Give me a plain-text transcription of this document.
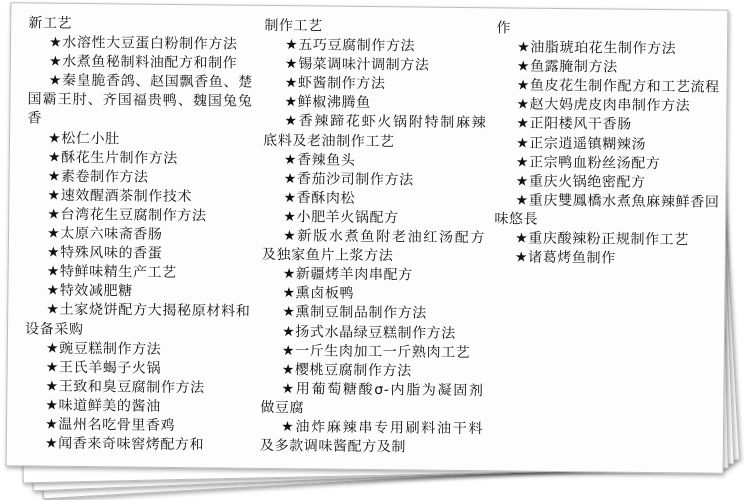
新工艺

★水溶性大豆蛋白粉制作方法

★水煮鱼秘制料油配方和制作

★秦皇脆香鸽、赵国飘香鱼、楚国霸王肘、齐国福贵鸭、魏国兔兔香

★松仁小肚

★酥花生片制作方法

★素卷制作方法

★速效醒酒茶制作技术

★台湾花生豆腐制作方法

★太原六味斋香肠

★特殊风味的香蛋

★特鲜味精生产工艺

★特效减肥糖

★土家烧饼配方大揭秘原材料和设备采购

★豌豆糕制作方法

★王氏羊蝎子火锅

★王致和臭豆腐制作方法

★味道鲜美的酱油

★温州名吃骨里香鸡

★闻香来奇味窖烤配方和

制作工艺

★五巧豆腐制作方法

★锡菜调味汁调制方法

★虾酱制作方法

★鲜椒沸腾鱼

★香辣蹄花虾火锅附特制麻辣底料及老油制作工艺

★香辣鱼头

★香茄沙司制作方法

★香酥肉松

★小肥羊火锅配方

★新版水煮鱼附老油红汤配方及独家鱼片上浆方法

★新疆烤羊肉串配方

★熏卤板鸭

★熏制豆制品制作方法

★扬式水晶绿豆糕制作方法

★一斤生肉加工一斤熟肉工艺

★樱桃豆腐制作方法

★用葡萄糖酸σ-内脂为凝固剂做豆腐

★油炸麻辣串专用刷料油干料及多款调味酱配方及制

作

★油脂琥珀花生制作方法

★鱼露腌制方法

★鱼皮花生制作配方和工艺流程

★赵大妈虎皮肉串制作方法

★正阳楼风干香肠

★正宗逍遥镇糊辣汤

★正宗鸭血粉丝汤配方

★重庆火锅绝密配方

★重庆雙鳳橋水煮魚麻辣鲜香回味悠長

★重庆酸辣粉正规制作工艺

★诸葛烤鱼制作
